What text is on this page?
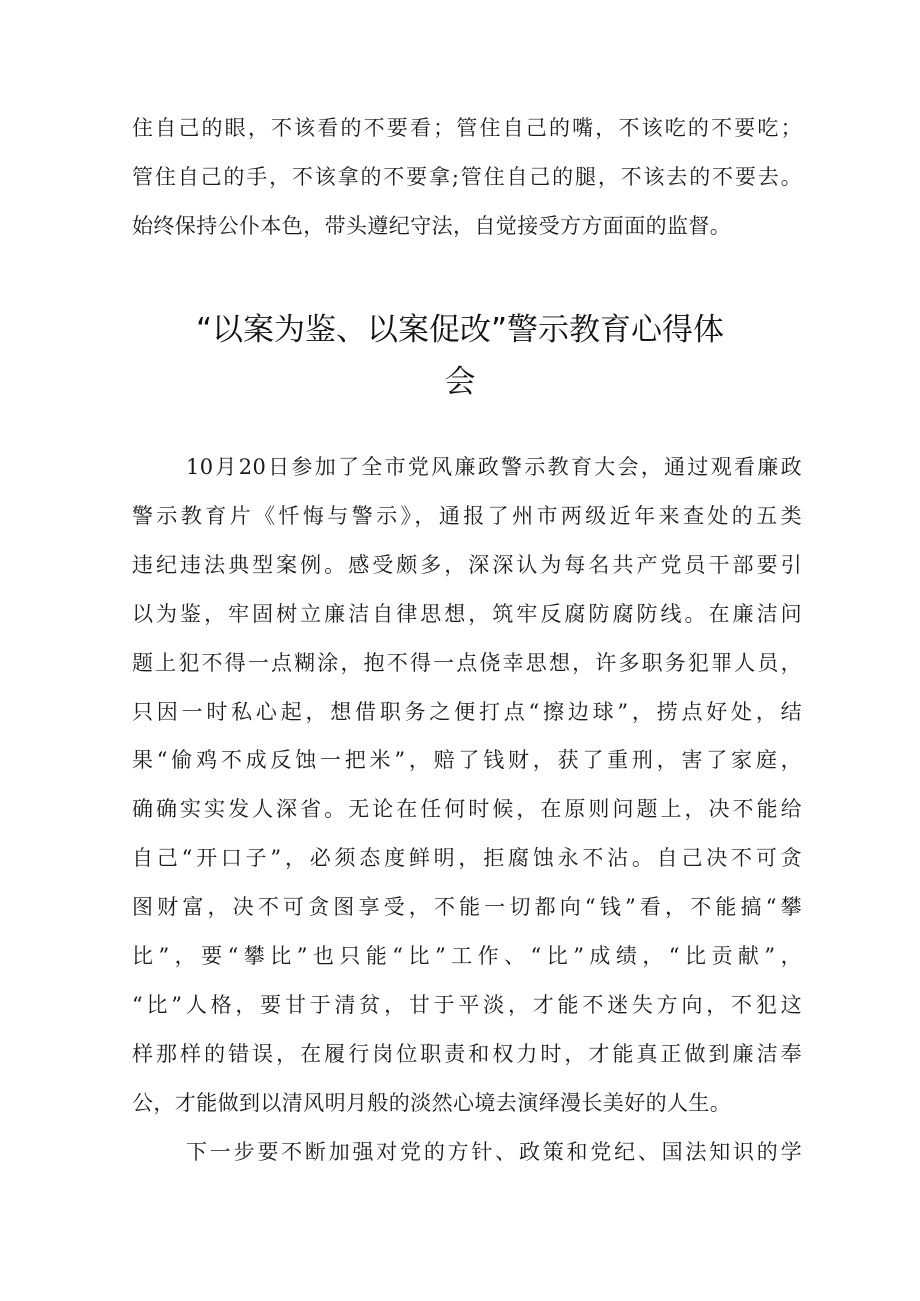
住自己的眼，不该看的不要看；管住自己的嘴，不该吃的不要吃；
管住自己的手，不该拿的不要拿;管住自己的腿，不该去的不要去。
始终保持公仆本色，带头遵纪守法，自觉接受方方面面的监督。
“以案为鉴、以案促改”警示教育心得体
会
10月20日参加了全市党风廉政警示教育大会，通过观看廉政
警示教育片《忏悔与警示》，通报了州市两级近年来查处的五类
违纪违法典型案例。感受颇多，深深认为每名共产党员干部要引
以为鉴，牢固树立廉洁自律思想，筑牢反腐防腐防线。在廉洁问
题上犯不得一点糊涂，抱不得一点侥幸思想，许多职务犯罪人员，
只因一时私心起，想借职务之便打点“擦边球”，捞点好处，结
果“偷鸡不成反蚀一把米”，赔了钱财，获了重刑，害了家庭，
确确实实发人深省。无论在任何时候，在原则问题上，决不能给
自己“开口子”，必须态度鲜明，拒腐蚀永不沾。自己决不可贪
图财富，决不可贪图享受，不能一切都向“钱”看，不能搞“攀
比”，要“攀比”也只能“比”工作、“比”成绩，“比贡献”，
“比”人格，要甘于清贫，甘于平淡，才能不迷失方向，不犯这
样那样的错误，在履行岗位职责和权力时，才能真正做到廉洁奉
公，才能做到以清风明月般的淡然心境去演绎漫长美好的人生。
下一步要不断加强对党的方针、政策和党纪、国法知识的学
